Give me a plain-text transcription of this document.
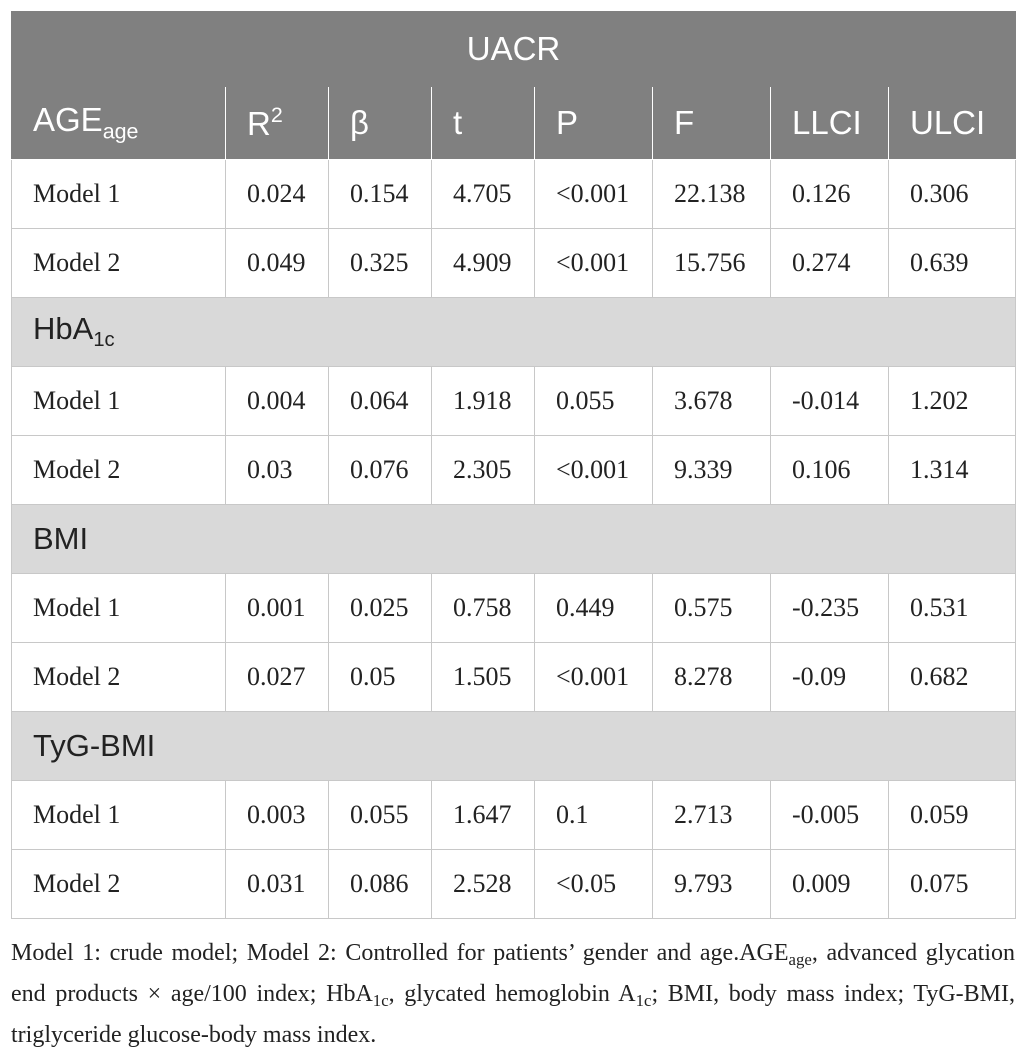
UACR							
$AGE_{age}$	$R^2$	β	t	P	F	LLCI	ULCI
Model 1	0.024	0.154	4.705	<0.001	22.138	0.126	0.306
Model 2	0.049	0.325	4.909	<0.001	15.756	0.274	0.639
HbA$_{1c}$
Model 1	0.004	0.064	1.918	0.055	3.678	-0.014	1.202
Model 2	0.03	0.076	2.305	<0.001	9.339	0.106	1.314
BMI							
Model 1	0.001	0.025	0.758	0.449	0.575	-0.235	0.531
Model 2	0.027	0.05	1.505	<0.001	8.278	-0.09	0.682
TyG-BMI							
Model 1	0.003	0.055	1.647	0.1	2.713	-0.005	0.059
Model 2	0.031	0.086	2.528	<0.05	9.793	0.009	0.075
Model 1: crude model; Model 2: Controlled for patients’ gender and $age.AGE_{age}$, advanced glycation end products × age/100 index; HbA$_{1c}$, glycated hemoglobin $A_{1c}$; BMI, body mass index; TyG-BMI, triglyceride glucose-body mass index.
